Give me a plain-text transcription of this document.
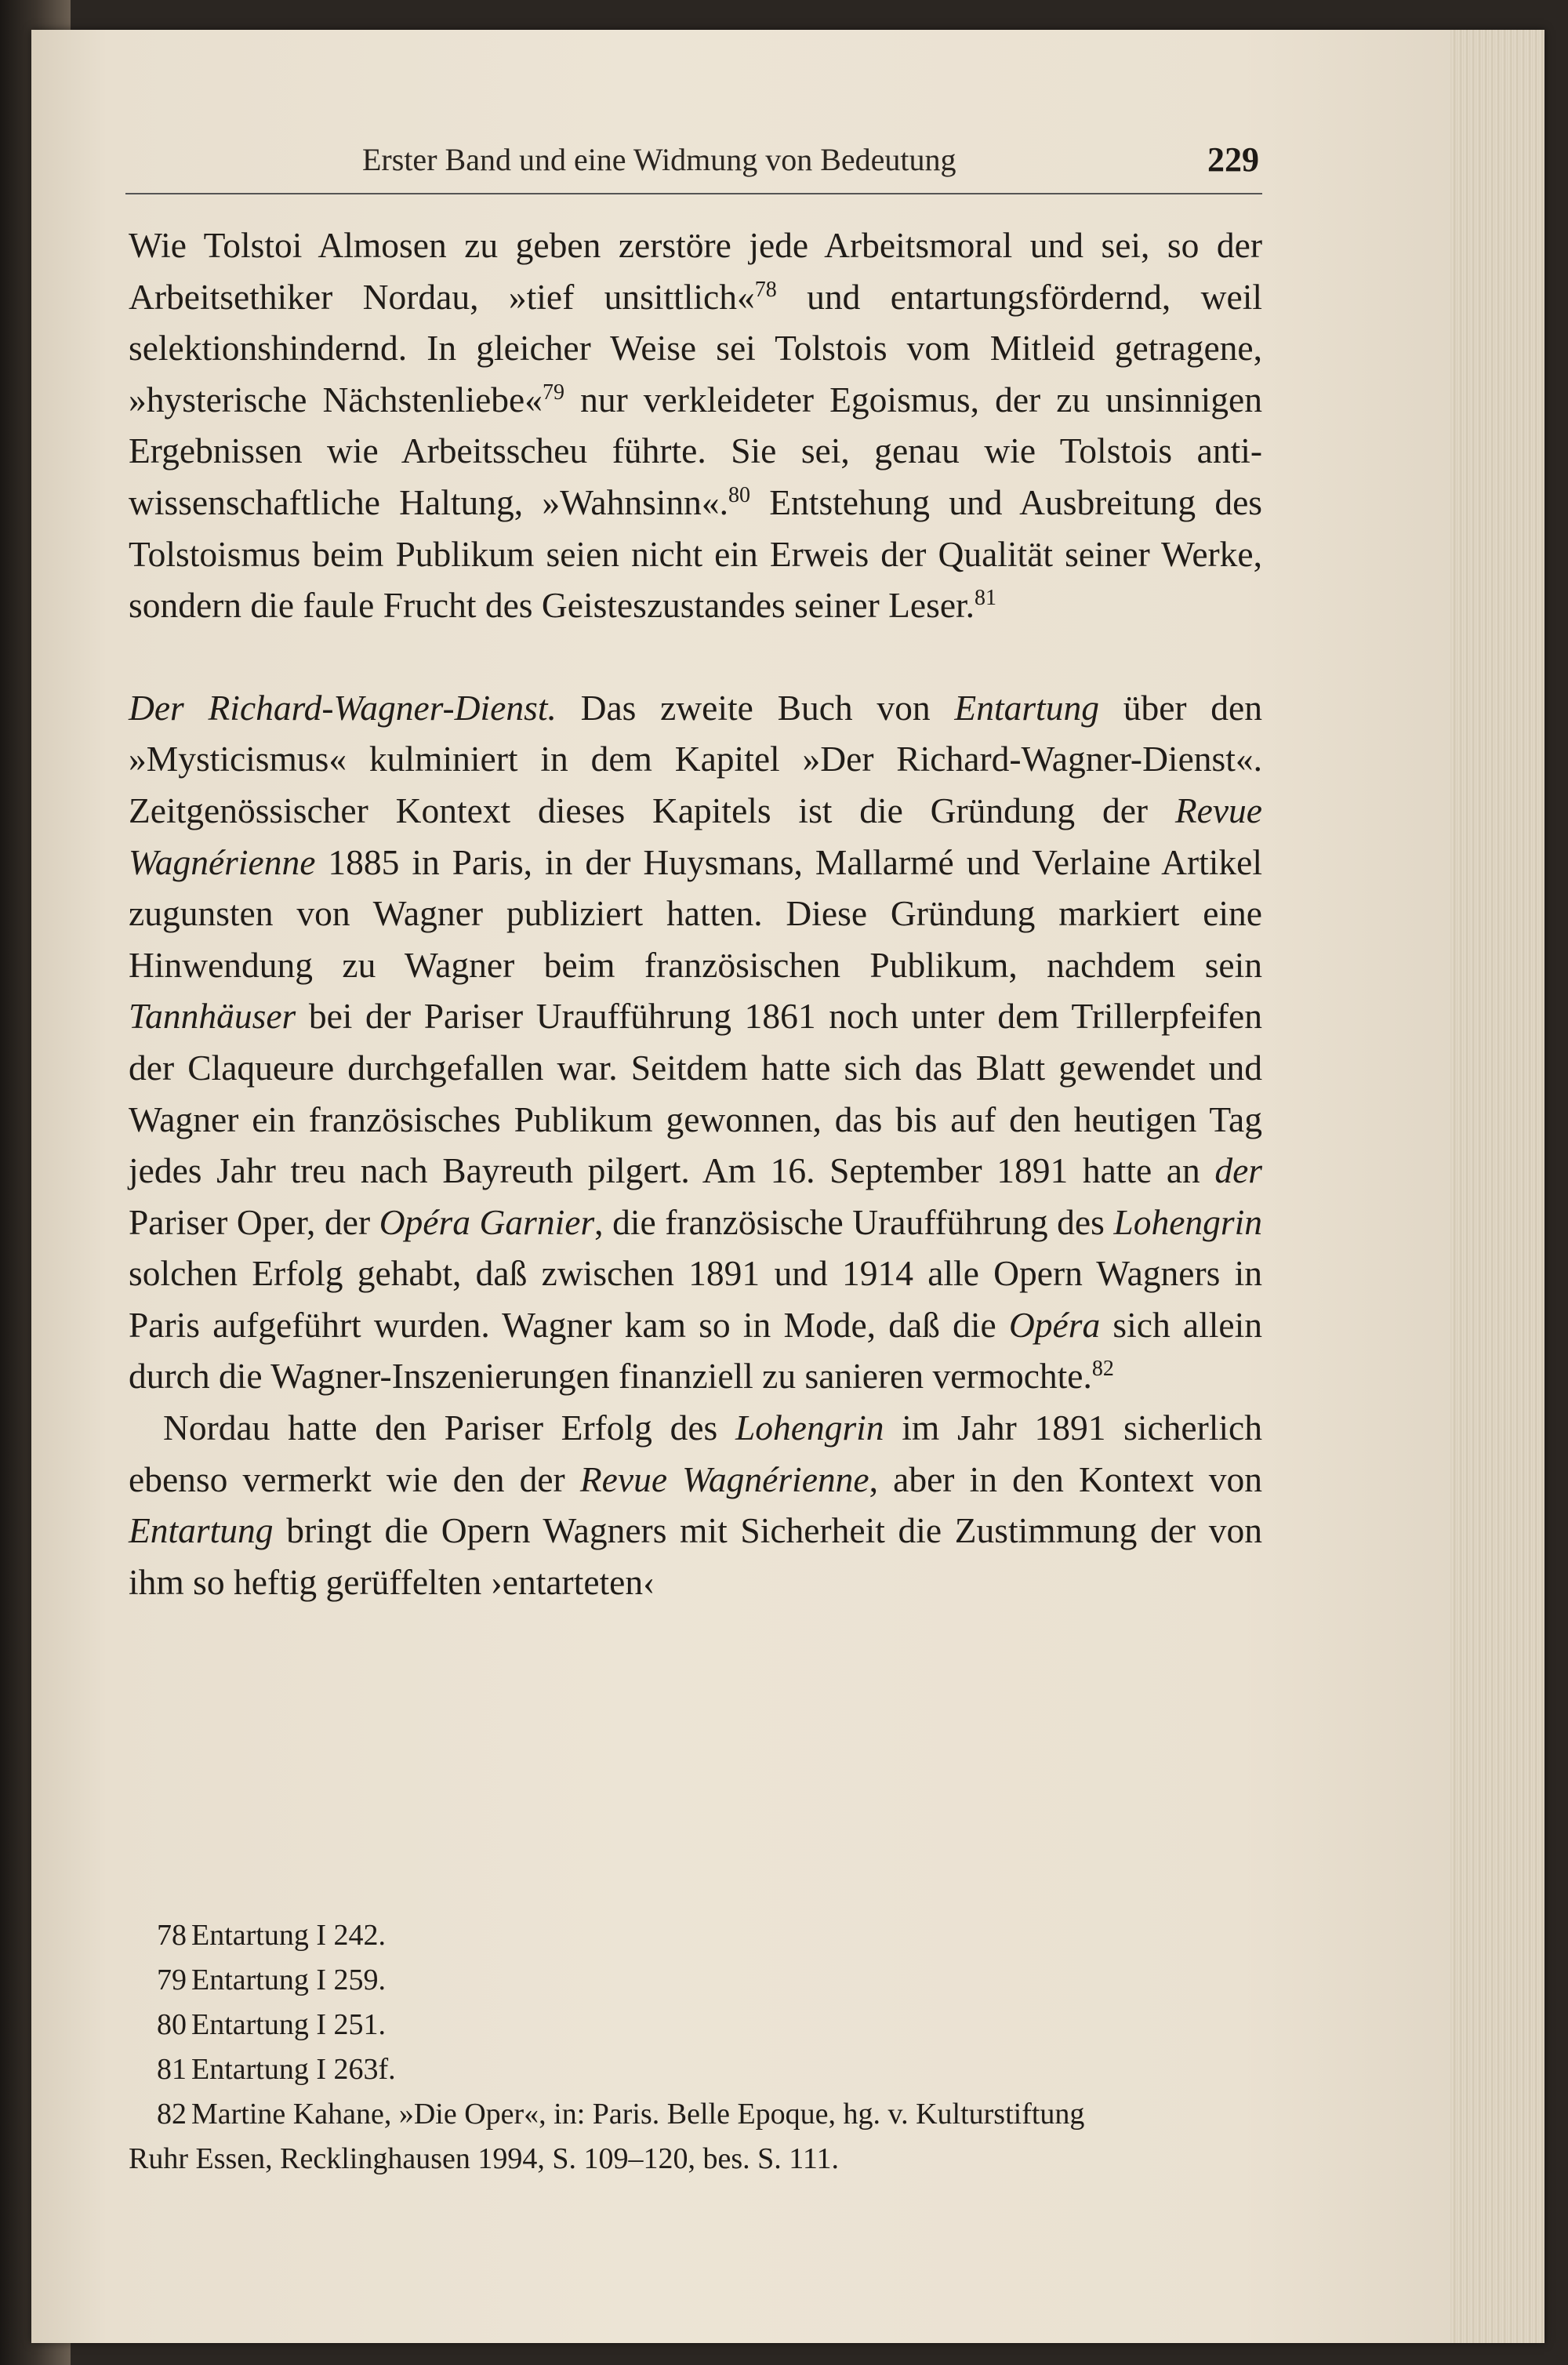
Erster Band und eine Widmung von Bedeutung	229

Wie Tolstoi Almosen zu geben zerstöre jede Arbeitsmoral und sei, so der Arbeitsethiker Nordau, »tief unsittlich«$^{78}$ und entartungsfördernd, weil selektionshindernd. In gleicher Weise sei Tolstois vom Mitleid getragene, »hysterische Nächstenliebe«$^{79}$ nur verkleideter Egoismus, der zu unsinnigen Ergebnissen wie Arbeitsscheu führte. Sie sei, genau wie Tolstois anti-wissenschaftliche Haltung, »Wahnsinn«.$^{80}$ Entstehung und Ausbreitung des Tolstoismus beim Publikum seien nicht ein Erweis der Qualität seiner Werke, sondern die faule Frucht des Geisteszustandes seiner Leser.$^{81}$

Der Richard-Wagner-Dienst. Das zweite Buch von Entartung über den »Mysticismus« kulminiert in dem Kapitel »Der Richard-Wagner-Dienst«. Zeitgenössischer Kontext dieses Kapitels ist die Gründung der Revue Wagnérienne 1885 in Paris, in der Huysmans, Mallarmé und Verlaine Artikel zugunsten von Wagner publiziert hatten. Diese Gründung markiert eine Hinwendung zu Wagner beim französischen Publikum, nachdem sein Tannhäuser bei der Pariser Uraufführung 1861 noch unter dem Trillerpfeifen der Claqueure durchgefallen war. Seitdem hatte sich das Blatt gewendet und Wagner ein französisches Publikum gewonnen, das bis auf den heutigen Tag jedes Jahr treu nach Bayreuth pilgert. Am 16. September 1891 hatte an der Pariser Oper, der Opéra Garnier, die französische Uraufführung des Lohengrin solchen Erfolg gehabt, daß zwischen 1891 und 1914 alle Opern Wagners in Paris aufgeführt wurden. Wagner kam so in Mode, daß die Opéra sich allein durch die Wagner-Inszenierungen finanziell zu sanieren vermochte.$^{82}$

Nordau hatte den Pariser Erfolg des Lohengrin im Jahr 1891 sicherlich ebenso vermerkt wie den der Revue Wagnérienne, aber in den Kontext von Entartung bringt die Opern Wagners mit Sicherheit die Zustimmung der von ihm so heftig gerüffelten ›entarteten‹

78 Entartung I 242.
79 Entartung I 259.
80 Entartung I 251.
81 Entartung I 263f.
82 Martine Kahane, »Die Oper«, in: Paris. Belle Epoque, hg. v. Kulturstiftung
Ruhr Essen, Recklinghausen 1994, S. 109–120, bes. S. 111.
